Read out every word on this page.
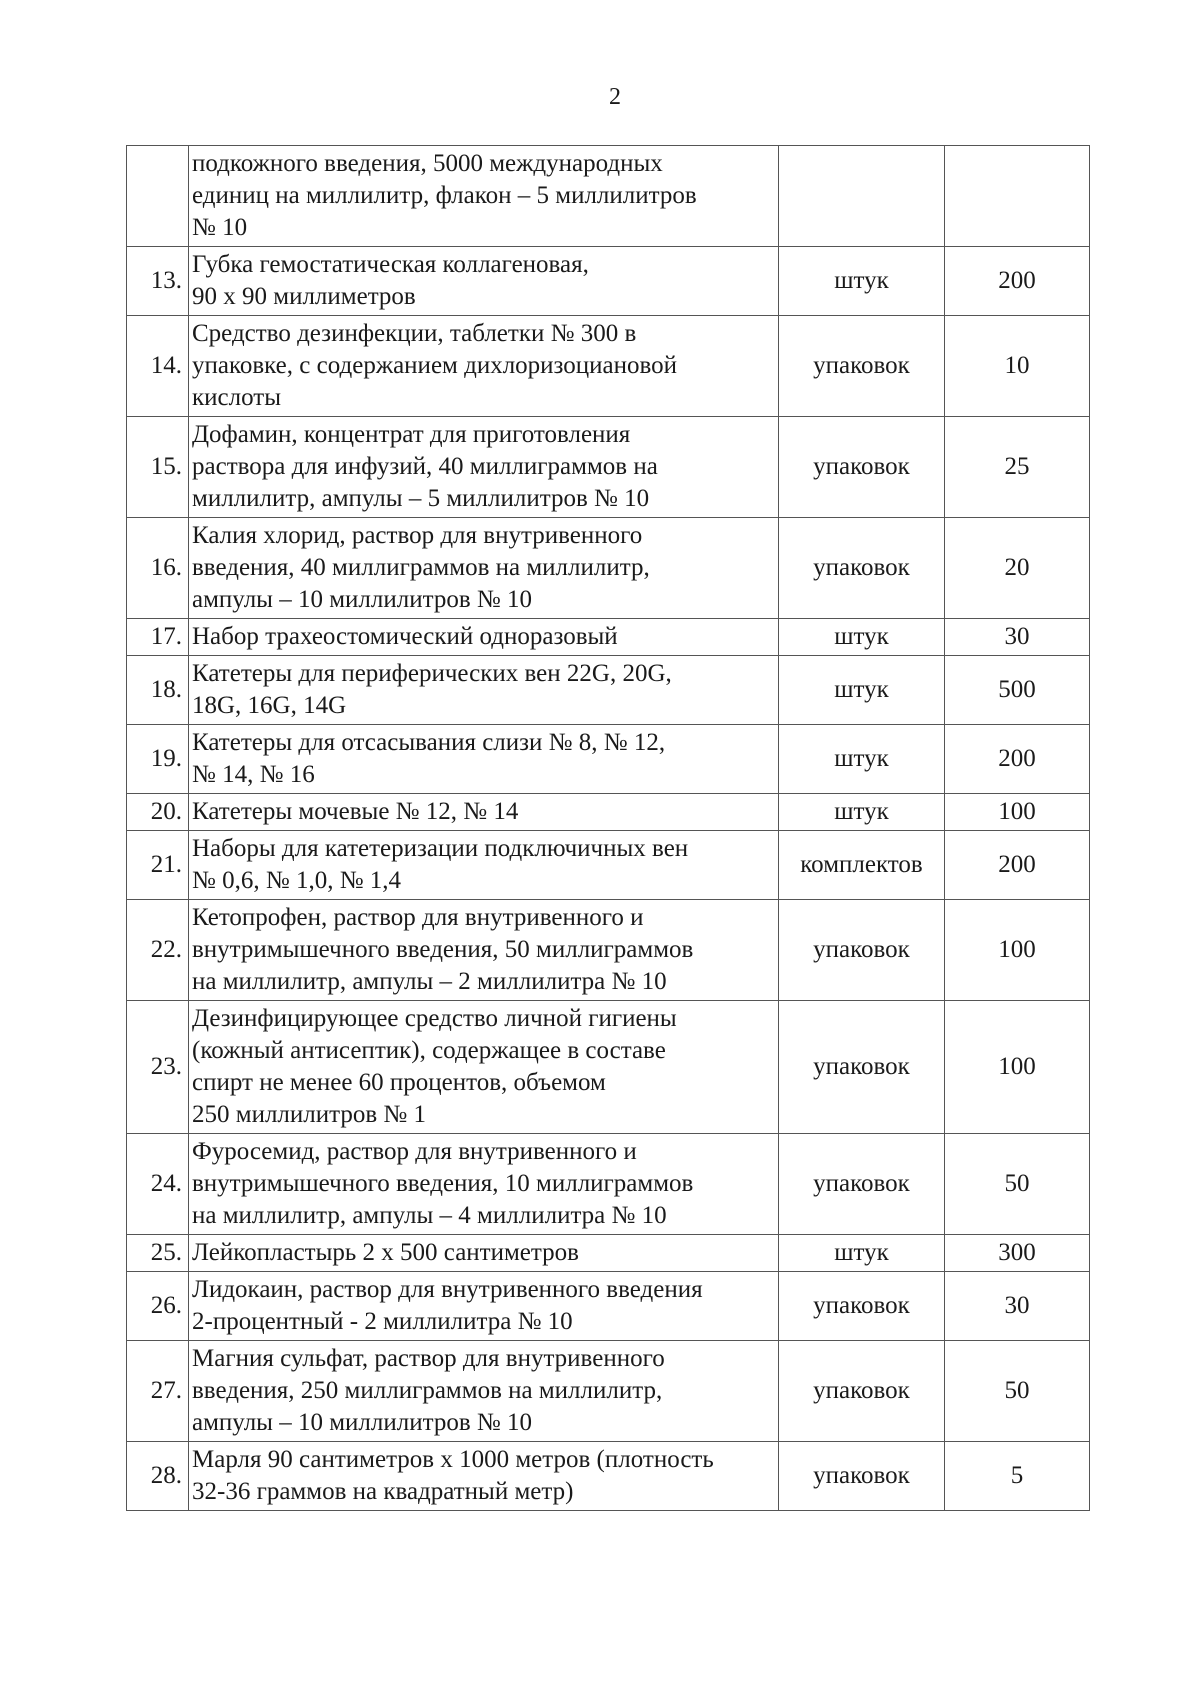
2
	подкожного введения, 5000 международных
единиц на миллилитр, флакон – 5 миллилитров
№ 10		
13.	Губка гемостатическая коллагеновая,
90 х 90 миллиметров	штук	200
14.	Средство дезинфекции, таблетки № 300 в
упаковке, с содержанием дихлоризоциановой
кислоты	упаковок	10
15.	Дофамин, концентрат для приготовления
раствора для инфузий, 40 миллиграммов на
миллилитр, ампулы – 5 миллилитров № 10	упаковок	25
16.	Калия хлорид, раствор для внутривенного
введения, 40 миллиграммов на миллилитр,
ампулы – 10 миллилитров № 10	упаковок	20
17.	Набор трахеостомический одноразовый	штук	30
18.	Катетеры для периферических вен 22G, 20G,
18G, 16G, 14G	штук	500
19.	Катетеры для отсасывания слизи № 8, № 12,
№ 14, № 16	штук	200
20.	Катетеры мочевые № 12, № 14	штук	100
21.	Наборы для катетеризации подключичных вен
№ 0,6, № 1,0, № 1,4	комплектов	200
22.	Кетопрофен, раствор для внутривенного и
внутримышечного введения, 50 миллиграммов
на миллилитр, ампулы – 2 миллилитра № 10	упаковок	100
23.	Дезинфицирующее средство личной гигиены
(кожный антисептик), содержащее в составе
спирт не менее 60 процентов, объемом
250 миллилитров № 1	упаковок	100
24.	Фуросемид, раствор для внутривенного и
внутримышечного введения, 10 миллиграммов
на миллилитр, ампулы – 4 миллилитра № 10	упаковок	50
25.	Лейкопластырь 2 х 500 сантиметров	штук	300
26.	Лидокаин, раствор для внутривенного введения
2-процентный - 2 миллилитра № 10	упаковок	30
27.	Магния сульфат, раствор для внутривенного
введения, 250 миллиграммов на миллилитр,
ампулы – 10 миллилитров № 10	упаковок	50
28.	Марля 90 сантиметров х 1000 метров (плотность
32-36 граммов на квадратный метр)	упаковок	5
